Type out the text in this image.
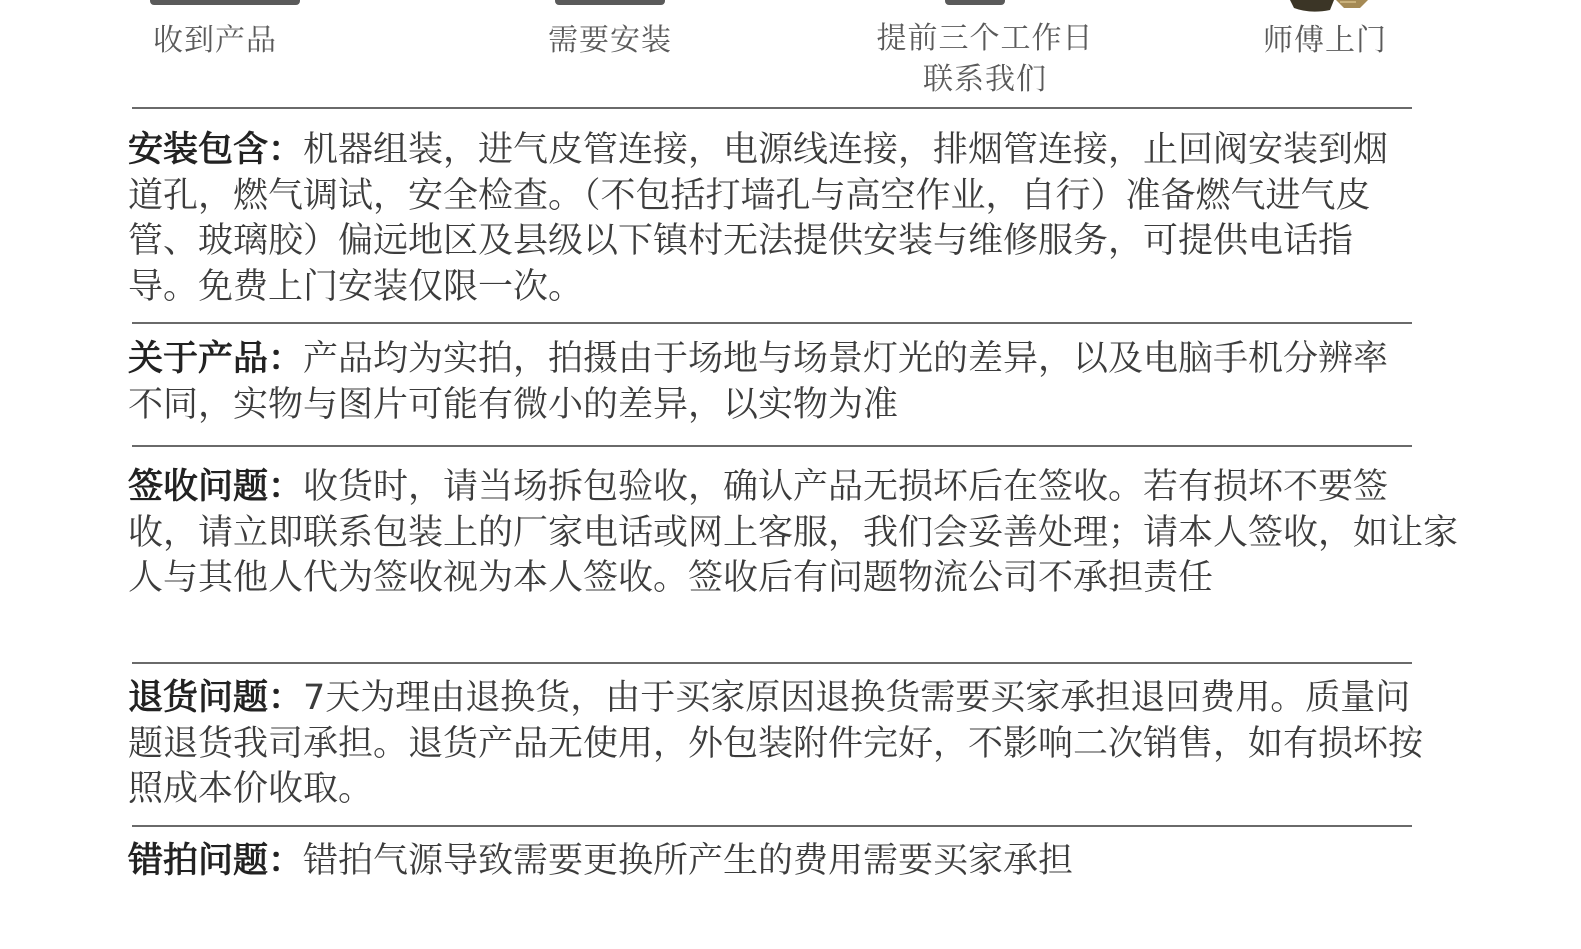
收到产品	需要安装	提前三个工作日
联系我们
师傅上门
安装包含：机器组装，进气皮管连接，电源线连接，排烟管连接，止回阀安装到烟道孔，燃气调试，安全检查。（不包括打墙孔与高空作业，自行）准备燃气进气皮管、玻璃胶）偏远地区及县级以下镇村无法提供安装与维修服务，可提供电话指导。免费上门安装仅限一次。
关于产品：产品均为实拍，拍摄由于场地与场景灯光的差异，以及电脑手机分辨率不同，实物与图片可能有微小的差异，以实物为准
签收问题：收货时，请当场拆包验收，确认产品无损坏后在签收。若有损坏不要签收，请立即联系包装上的厂家电话或网上客服，我们会妥善处理；请本人签收，如让家人与其他人代为签收视为本人签收。签收后有问题物流公司不承担责任
退货问题：7天为理由退换货，由于买家原因退换货需要买家承担退回费用。质量问题退货我司承担。退货产品无使用，外包装附件完好，不影响二次销售，如有损坏按照成本价收取。
错拍问题：错拍气源导致需要更换所产生的费用需要买家承担
